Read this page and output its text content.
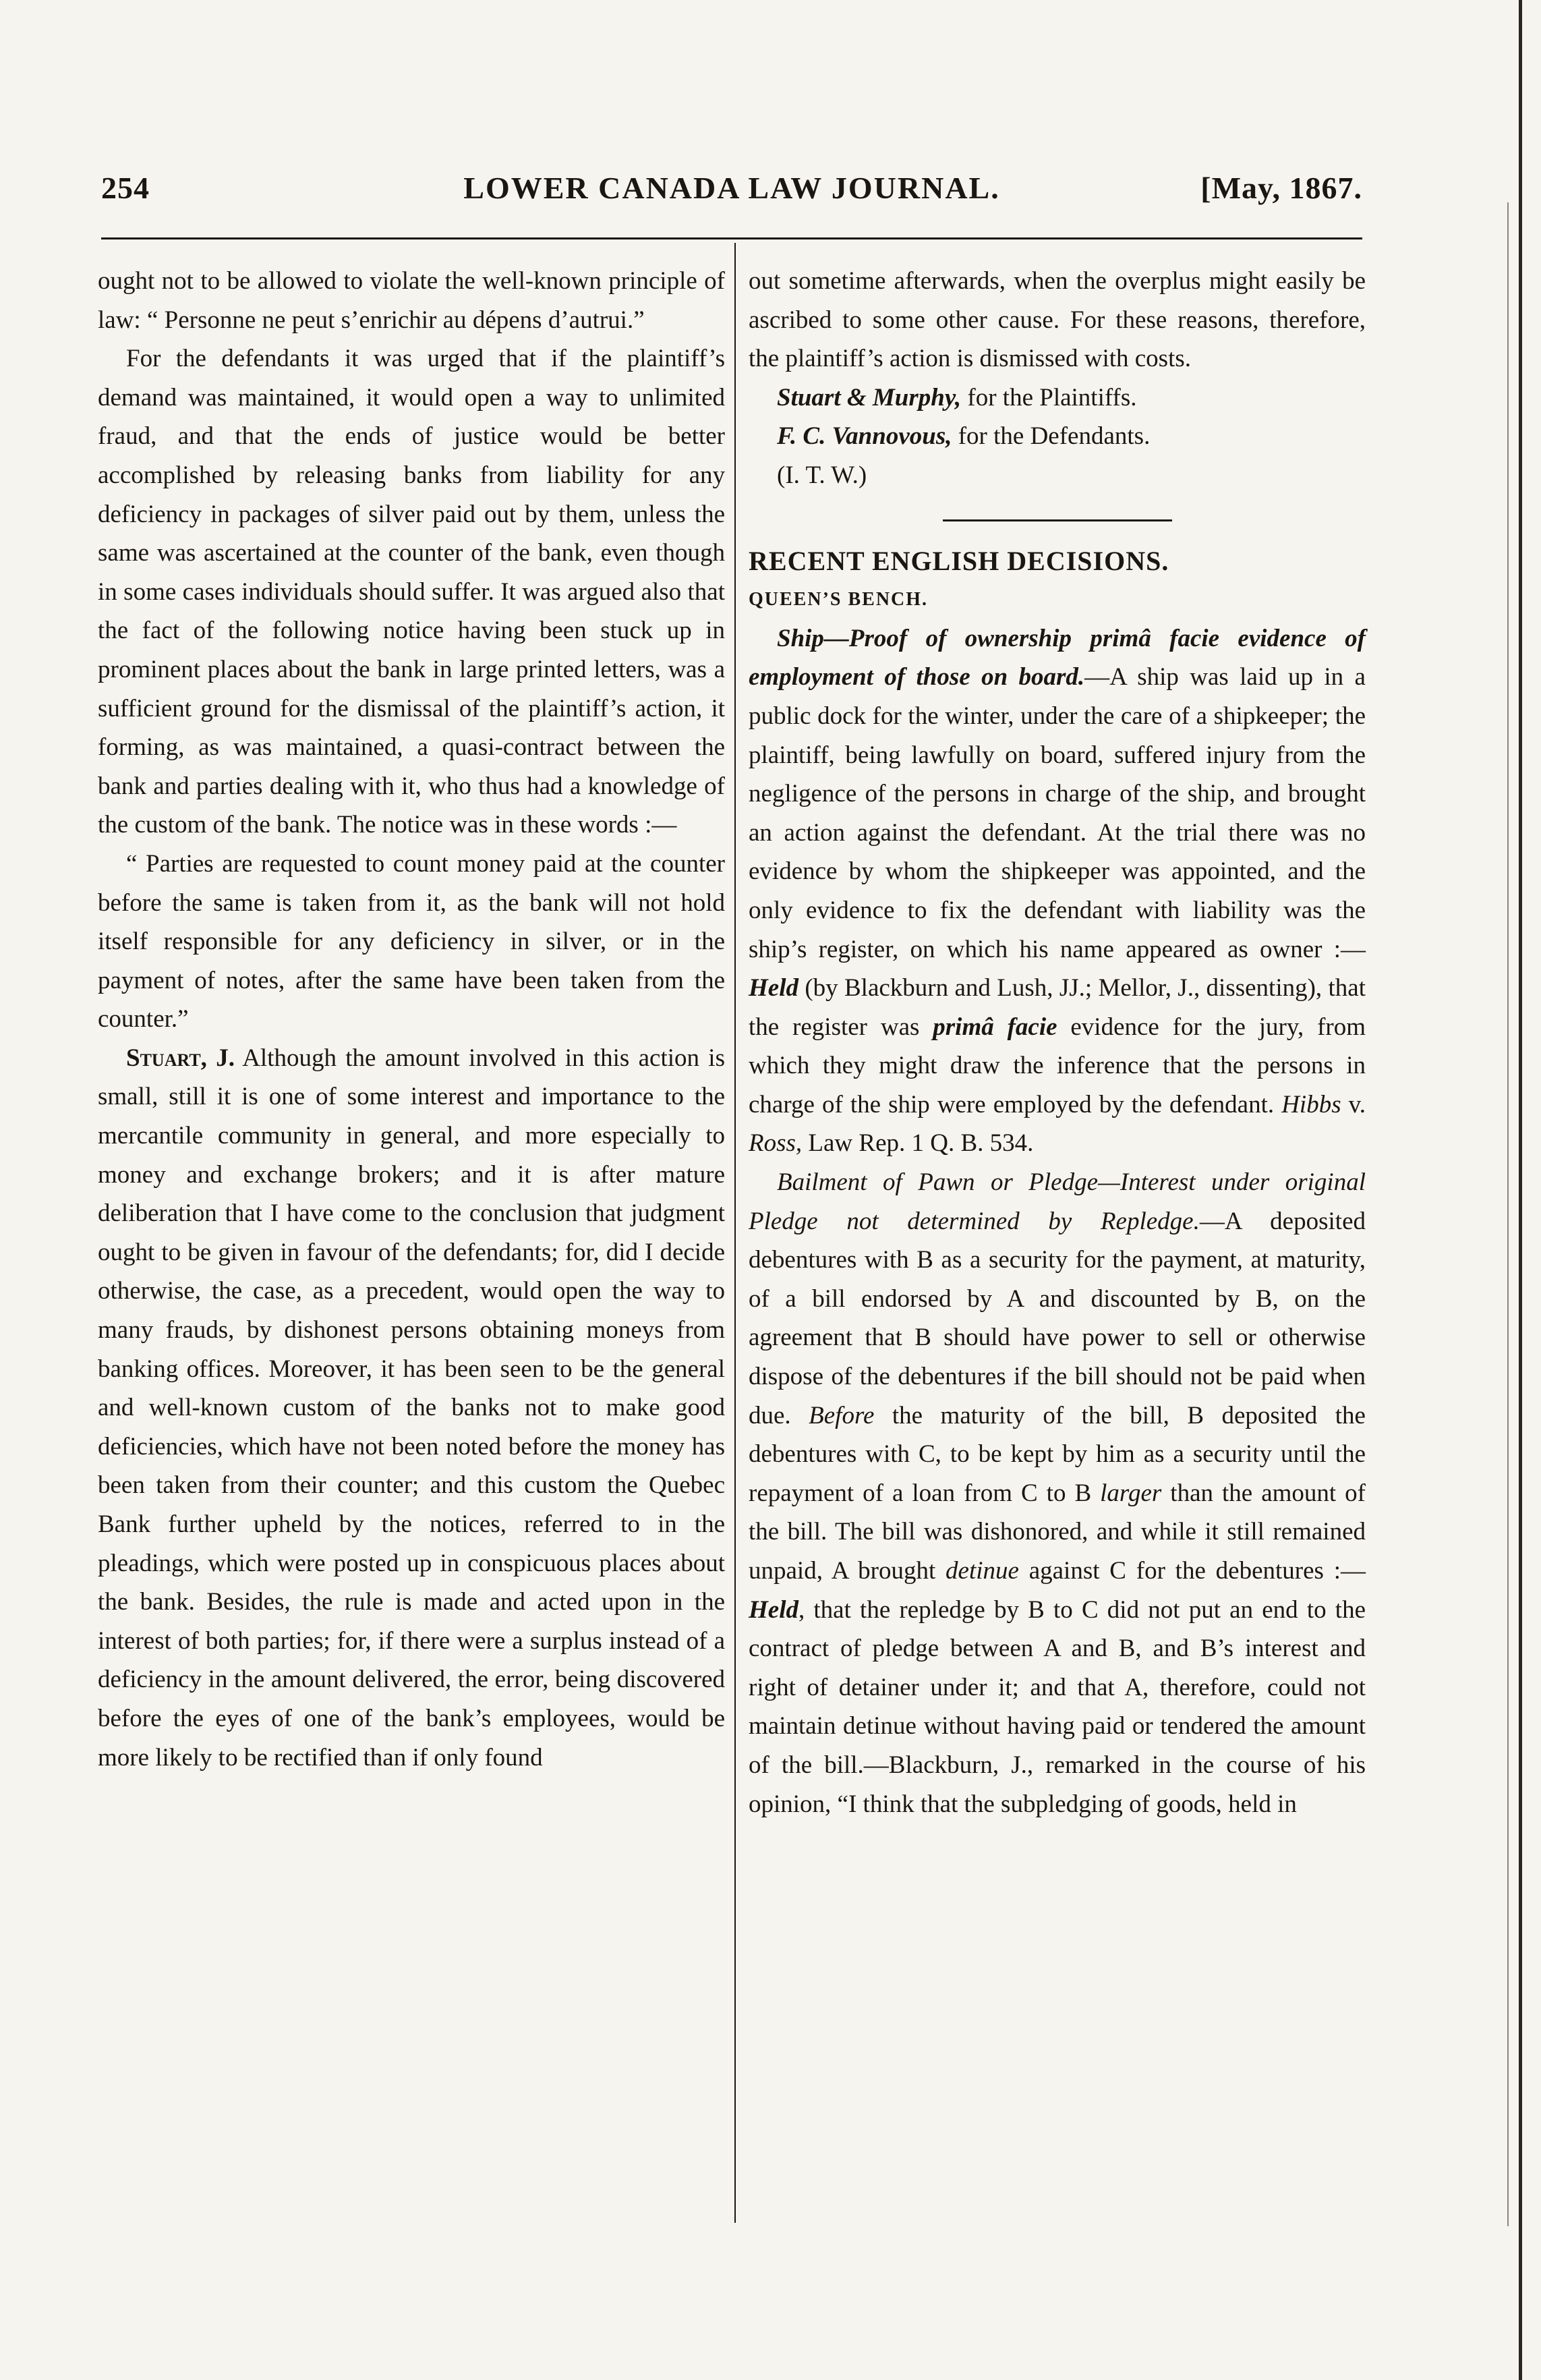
254	LOWER CANADA LAW JOURNAL.	[May, 1867.

ought not to be allowed to violate the well-known principle of law: “ Personne ne peut s’enrichir au dépens d’autrui.”

For the defendants it was urged that if the plaintiff’s demand was maintained, it would open a way to unlimited fraud, and that the ends of justice would be better accomplished by releasing banks from liability for any deficiency in packages of silver paid out by them, unless the same was ascertained at the counter of the bank, even though in some cases individuals should suffer. It was argued also that the fact of the following notice having been stuck up in prominent places about the bank in large printed letters, was a sufficient ground for the dismissal of the plaintiff’s action, it forming, as was maintained, a quasi-contract between the bank and parties dealing with it, who thus had a knowledge of the custom of the bank. The notice was in these words :—

“ Parties are requested to count money paid at the counter before the same is taken from it, as the bank will not hold itself responsible for any deficiency in silver, or in the payment of notes, after the same have been taken from the counter.”

Stuart, J. Although the amount involved in this action is small, still it is one of some interest and importance to the mercantile community in general, and more especially to money and exchange brokers; and it is after mature deliberation that I have come to the conclusion that judgment ought to be given in favour of the defendants; for, did I decide otherwise, the case, as a precedent, would open the way to many frauds, by dishonest persons obtaining moneys from banking offices. Moreover, it has been seen to be the general and well-known custom of the banks not to make good deficiencies, which have not been noted before the money has been taken from their counter; and this custom the Quebec Bank further upheld by the notices, referred to in the pleadings, which were posted up in conspicuous places about the bank. Besides, the rule is made and acted upon in the interest of both parties; for, if there were a surplus instead of a deficiency in the amount delivered, the error, being discovered before the eyes of one of the bank’s employees, would be more likely to be rectified than if only found

out sometime afterwards, when the overplus might easily be ascribed to some other cause. For these reasons, therefore, the plaintiff’s action is dismissed with costs.

Stuart & Murphy, for the Plaintiffs.

F. C. Vannovous, for the Defendants.

(I. T. W.)

RECENT ENGLISH DECISIONS.

QUEEN’S BENCH.

Ship—Proof of ownership primâ facie evidence of employment of those on board.—A ship was laid up in a public dock for the winter, under the care of a shipkeeper; the plaintiff, being lawfully on board, suffered injury from the negligence of the persons in charge of the ship, and brought an action against the defendant. At the trial there was no evidence by whom the shipkeeper was appointed, and the only evidence to fix the defendant with liability was the ship’s register, on which his name appeared as owner :—Held (by Blackburn and Lush, JJ.; Mellor, J., dissenting), that the register was primâ facie evidence for the jury, from which they might draw the inference that the persons in charge of the ship were employed by the defendant. Hibbs v. Ross, Law Rep. 1 Q. B. 534.

Bailment of Pawn or Pledge—Interest under original Pledge not determined by Repledge.—A deposited debentures with B as a security for the payment, at maturity, of a bill endorsed by A and discounted by B, on the agreement that B should have power to sell or otherwise dispose of the debentures if the bill should not be paid when due. Before the maturity of the bill, B deposited the debentures with C, to be kept by him as a security until the repayment of a loan from C to B larger than the amount of the bill. The bill was dishonored, and while it still remained unpaid, A brought detinue against C for the debentures :—Held, that the repledge by B to C did not put an end to the contract of pledge between A and B, and B’s interest and right of detainer under it; and that A, therefore, could not maintain detinue without having paid or tendered the amount of the bill.—Blackburn, J., remarked in the course of his opinion, “I think that the subpledging of goods, held in
